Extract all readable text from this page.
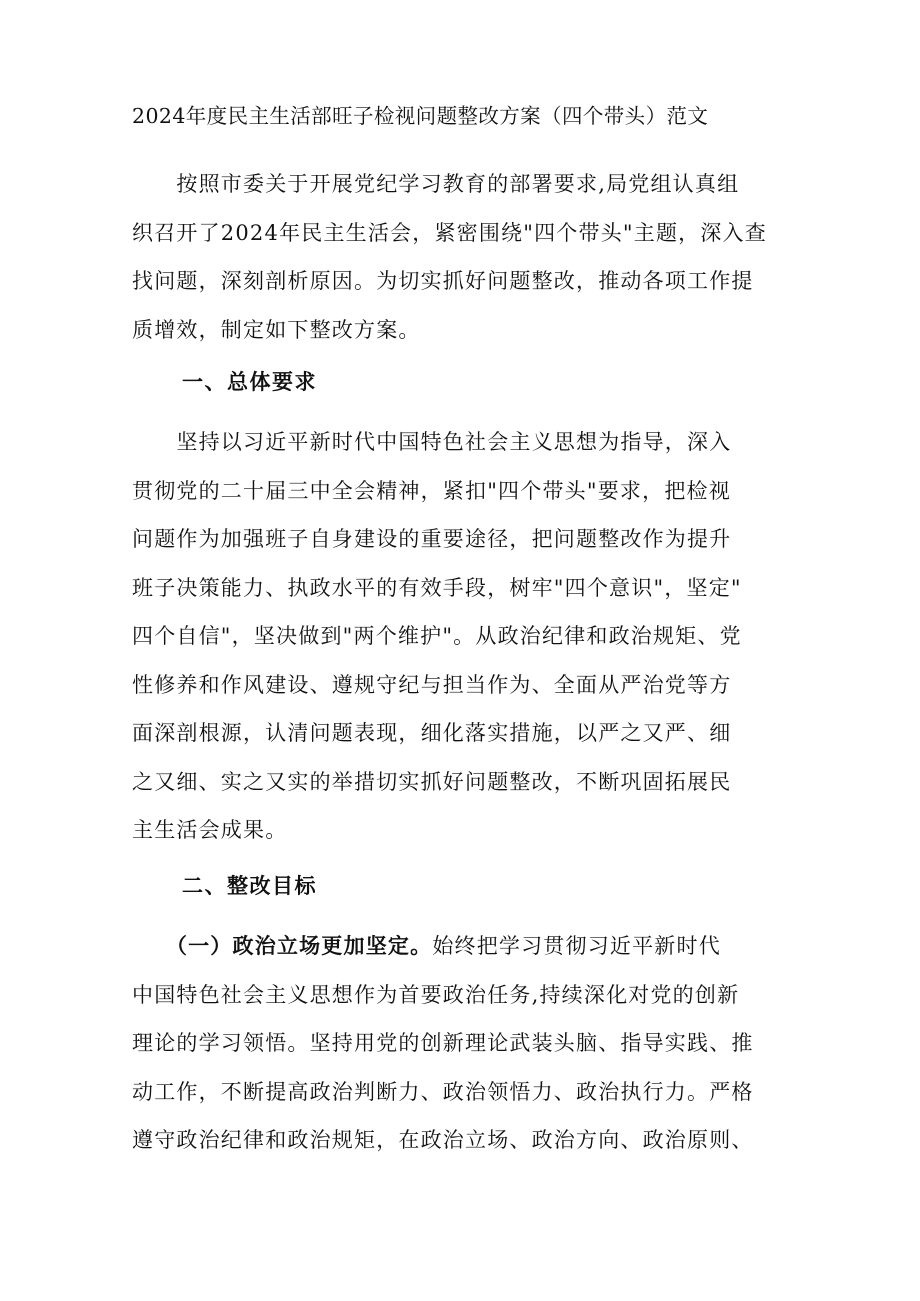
2024年度民主生活部旺子检视问题整改方案（四个带头）范文
　　按照市委关于开展党纪学习教育的部署要求,局党组认真组
织召开了2024年民主生活会，紧密围绕"四个带头"主题，深入查
找问题，深刻剖析原因。为切实抓好问题整改，推动各项工作提
质增效，制定如下整改方案。
一、总体要求
　　坚持以习近平新时代中国特色社会主义思想为指导，深入
贯彻党的二十届三中全会精神，紧扣"四个带头"要求，把检视
问题作为加强班子自身建设的重要途径，把问题整改作为提升
班子决策能力、执政水平的有效手段，树牢"四个意识"，坚定"
四个自信"，坚决做到"两个维护"。从政治纪律和政治规矩、党
性修养和作风建设、遵规守纪与担当作为、全面从严治党等方
面深剖根源，认清问题表现，细化落实措施，以严之又严、细
之又细、实之又实的举措切实抓好问题整改，不断巩固拓展民
主生活会成果。
二、整改目标
　　（一）政治立场更加坚定。始终把学习贯彻习近平新时代
中国特色社会主义思想作为首要政治任务,持续深化对党的创新
理论的学习领悟。坚持用党的创新理论武装头脑、指导实践、推
动工作，不断提高政治判断力、政治领悟力、政治执行力。严格
遵守政治纪律和政治规矩，在政治立场、政治方向、政治原则、
